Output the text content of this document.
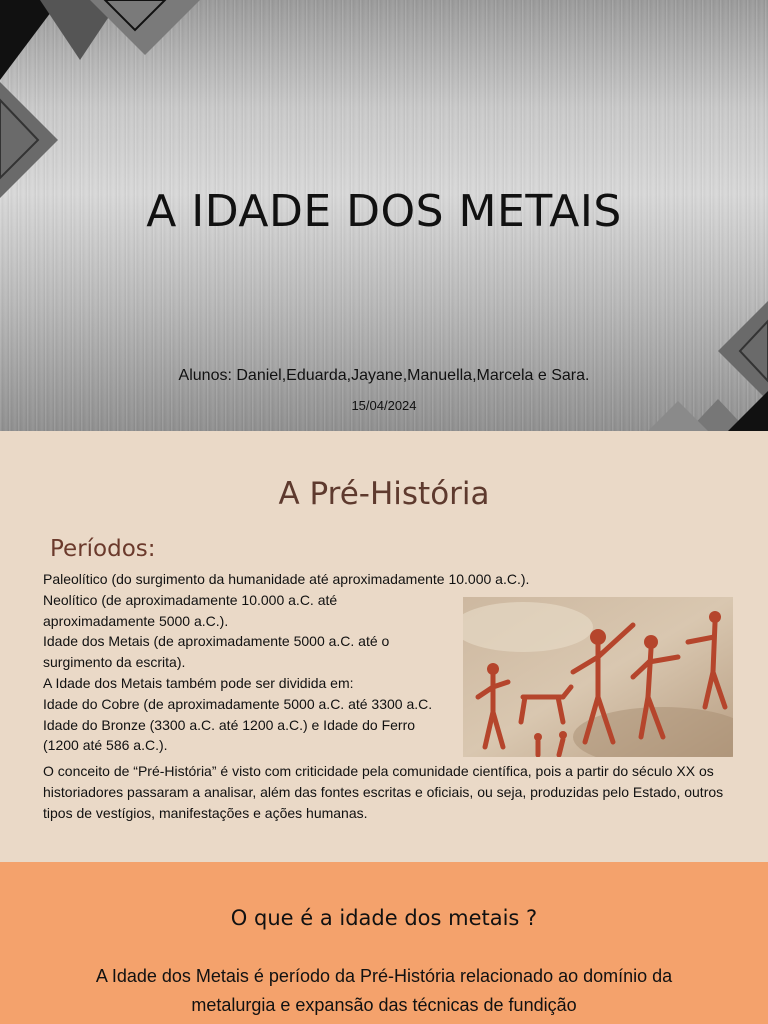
A IDADE DOS METAIS
Alunos: Daniel,Eduarda,Jayane,Manuella,Marcela e Sara.
15/04/2024
Períodos:
Paleolítico (do surgimento da humanidade até aproximadamente 10.000 a.C.).
Neolítico (de aproximadamente 10.000 a.C. até
aproximadamente 5000 a.C.).
Idade dos Metais (de aproximadamente 5000 a.C. até o
surgimento da escrita).
A Idade dos Metais também pode ser dividida em:
Idade do Cobre (de aproximadamente 5000 a.C. até 3300 a.C.
Idade do Bronze (3300 a.C. até 1200 a.C.) e Idade do Ferro
(1200 até 586 a.C.).
O conceito de “Pré-História” é visto com criticidade pela comunidade científica, pois a partir do século XX os historiadores passaram a analisar, além das fontes escritas e oficiais, ou seja, produzidas pelo Estado, outros tipos de vestígios, manifestações e ações humanas.
A Pré-História
O que é a idade dos metais ?
A Idade dos Metais é período da Pré-História relacionado ao domínio da metalurgia e expansão das técnicas de fundição
